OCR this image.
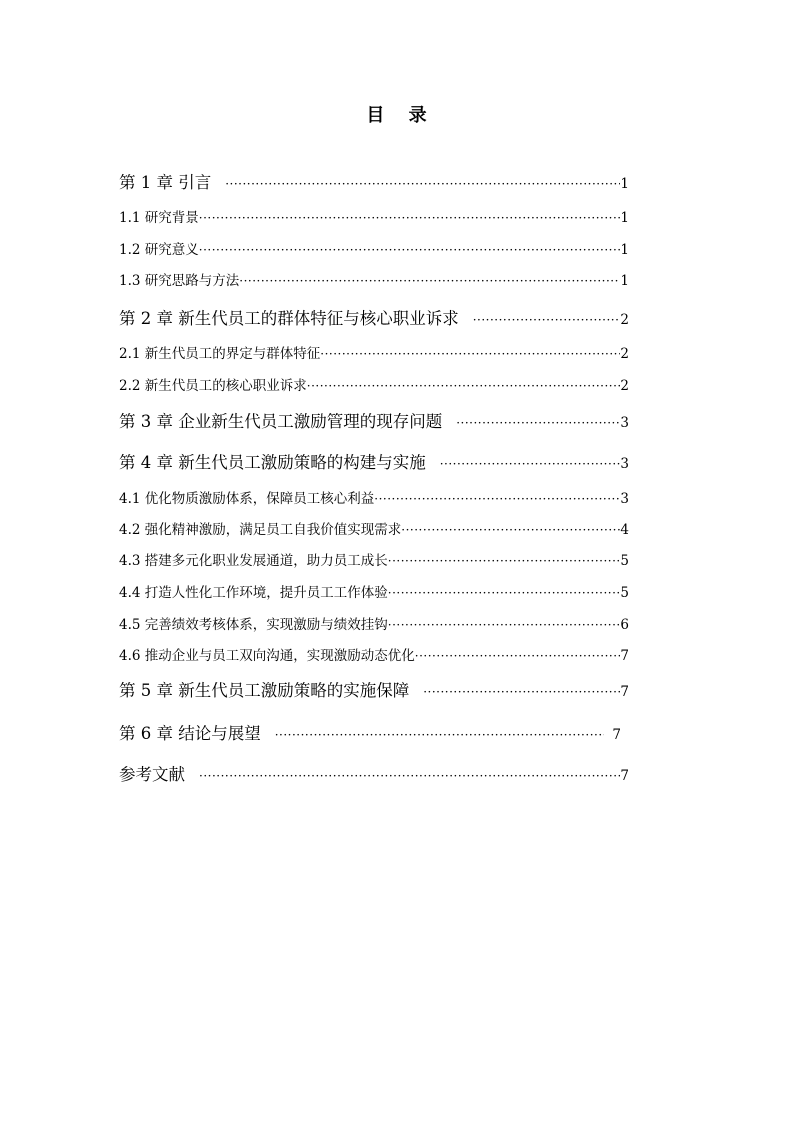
目 录
第 1 章 引言 ·····	1
1.1 研究背景 ·····	1
1.2 研究意义 ·····	1
1.3 研究思路与方法 ·····	1
第 2 章 新生代员工的群体特征与核心职业诉求 ·····	2
2.1 新生代员工的界定与群体特征 ·····	2
2.2 新生代员工的核心职业诉求 ·····	2
第 3 章 企业新生代员工激励管理的现存问题 ·····	3
第 4 章 新生代员工激励策略的构建与实施 ·····	3
4.1 优化物质激励体系，保障员工核心利益 ·····	3
4.2 强化精神激励，满足员工自我价值实现需求 ·····	4
4.3 搭建多元化职业发展通道，助力员工成长 ·····	5
4.4 打造人性化工作环境，提升员工工作体验 ·····	5
4.5 完善绩效考核体系，实现激励与绩效挂钩 ·····	6
4.6 推动企业与员工双向沟通，实现激励动态优化 ·····	7
第 5 章 新生代员工激励策略的实施保障 ·····	7
第 6 章 结论与展望 ·····	7
参考文献 ·····	7
